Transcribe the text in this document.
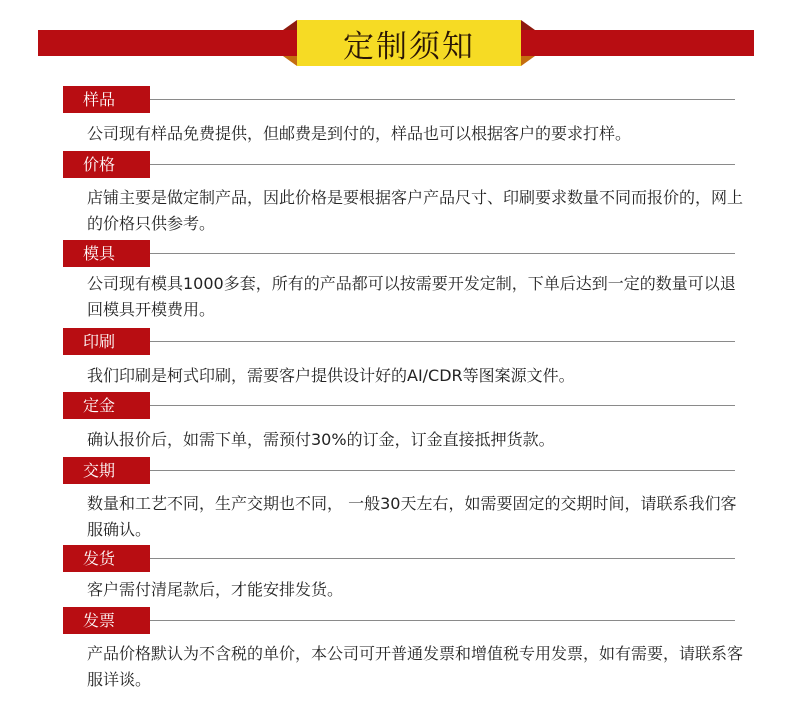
定制须知
样品

公司现有样品免费提供，但邮费是到付的，样品也可以根据客户的要求打样。

价格

店铺主要是做定制产品，因此价格是要根据客户产品尺寸、印刷要求数量不同而报价的，网上的价格只供参考。

模具

公司现有模具1000多套，所有的产品都可以按需要开发定制，下单后达到一定的数量可以退回模具开模费用。

印刷

我们印刷是柯式印刷，需要客户提供设计好的AI/CDR等图案源文件。

定金

确认报价后，如需下单，需预付30%的订金，订金直接抵押货款。

交期

数量和工艺不同，生产交期也不同， 一般30天左右，如需要固定的交期时间，请联系我们客服确认。

发货

客户需付清尾款后，才能安排发货。

发票

产品价格默认为不含税的单价，本公司可开普通发票和增值税专用发票，如有需要，请联系客服详谈。
